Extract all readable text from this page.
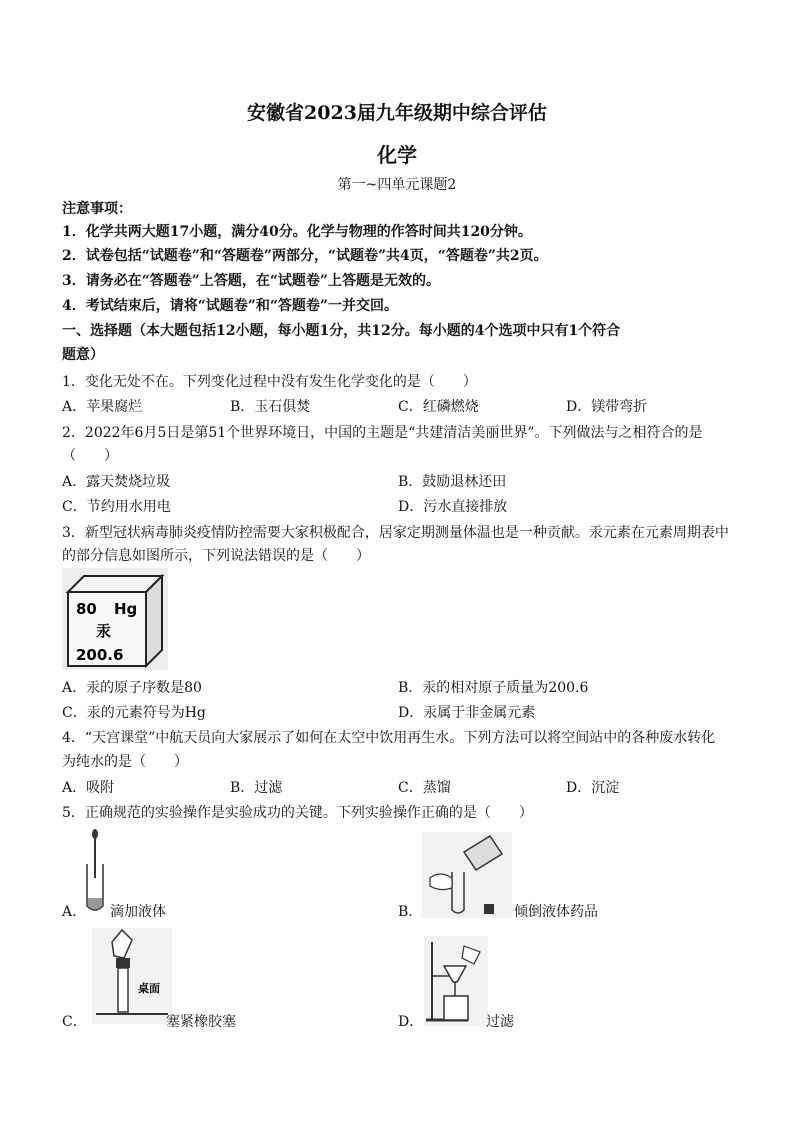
安徽省2023届九年级期中综合评估
化学
第一~四单元课题2
注意事项：
1．化学共两大题17小题，满分40分。化学与物理的作答时间共120分钟。
2．试卷包括“试题卷”和“答题卷”两部分，“试题卷”共4页，“答题卷”共2页。
3．请务必在“答题卷”上答题，在“试题卷”上答题是无效的。
4．考试结束后，请将“试题卷”和“答题卷”一并交回。
一、选择题（本大题包括12小题，每小题1分，共12分。每小题的4个选项中只有1个符合
题意）
1．变化无处不在。下列变化过程中没有发生化学变化的是（　　）
A．苹果腐烂	B．玉石俱焚	C．红磷燃烧	D．镁带弯折
2．2022年6月5日是第51个世界环境日，中国的主题是“共建清洁美丽世界”。下列做法与之相符合的是
（　　）
A．露天焚烧垃圾	B．鼓励退林还田
C．节约用水用电	D．污水直接排放
3．新型冠状病毒肺炎疫情防控需要大家积极配合，居家定期测量体温也是一种贡献。汞元素在元素周期表中
的部分信息如图所示，下列说法错误的是（　　）
80 Hg
汞
200.6
A．汞的原子序数是80	B．汞的相对原子质量为200.6
C．汞的元素符号为Hg	D．汞属于非金属元素
4．“天宫课堂”中航天员向大家展示了如何在太空中饮用再生水。下列方法可以将空间站中的各种废水转化
为纯水的是（　　）
A．吸附	B．过滤	C．蒸馏	D．沉淀
5．正确规范的实验操作是实验成功的关键。下列实验操作正确的是（　　）
A． 滴加液体	B．	倾倒液体药品
桌面
C．	塞紧橡胶塞	D．	过滤
